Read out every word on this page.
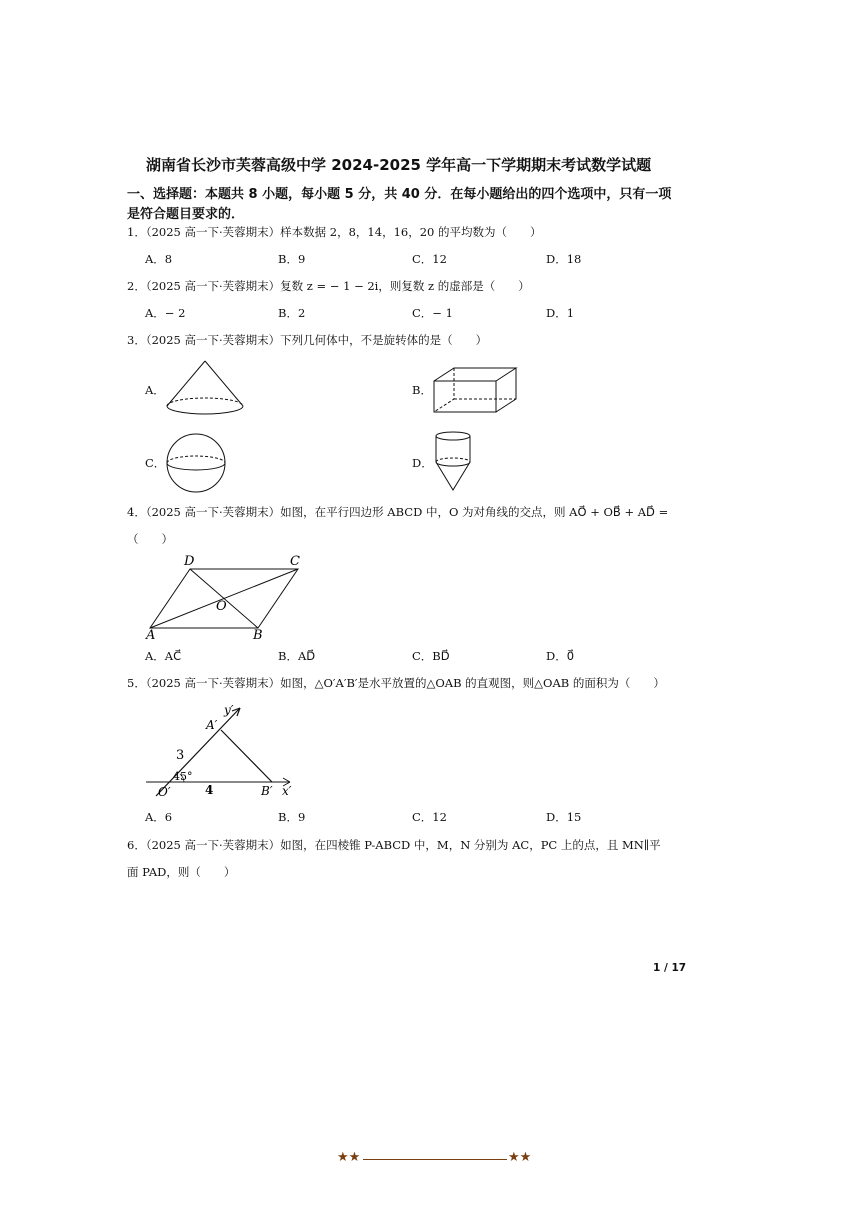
湖南省长沙市芙蓉高级中学 2024-2025 学年高一下学期期末考试数学试题
一、选择题：本题共 8 小题，每小题 5 分，共 40 分．在每小题给出的四个选项中，只有一项
是符合题目要求的．
1．（2025 高一下·芙蓉期末）样本数据 2，8，14，16，20 的平均数为（　　）
A．8	B．9	C．12	D．18
2．（2025 高一下·芙蓉期末）复数 z = − 1 − 2i，则复数 z 的虚部是（　　）
A．− 2	B．2	C．− 1	D．1
3．（2025 高一下·芙蓉期末）下列几何体中，不是旋转体的是（　　）
A．	B．
C．	D．
4．（2025 高一下·芙蓉期末）如图，在平行四边形 ABCD 中，O 为对角线的交点，则 AO⃗ + OB⃗ + AD⃗ =
（　　）
A	B
C
D
O
A．AC⃗	B．AD⃗	C．BD⃗	D．0⃗
5．（2025 高一下·芙蓉期末）如图，△O′A′B′是水平放置的△OAB 的直观图，则△OAB 的面积为（　　）
y′
A′
3
45°
O′	4	B′ x′
A．6	B．9	C．12	D．15
6．（2025 高一下·芙蓉期末）如图，在四棱锥 P-ABCD 中，M，N 分别为 AC，PC 上的点，且 MN∥平
面 PAD，则（　　）
1 / 17
★★	★★
